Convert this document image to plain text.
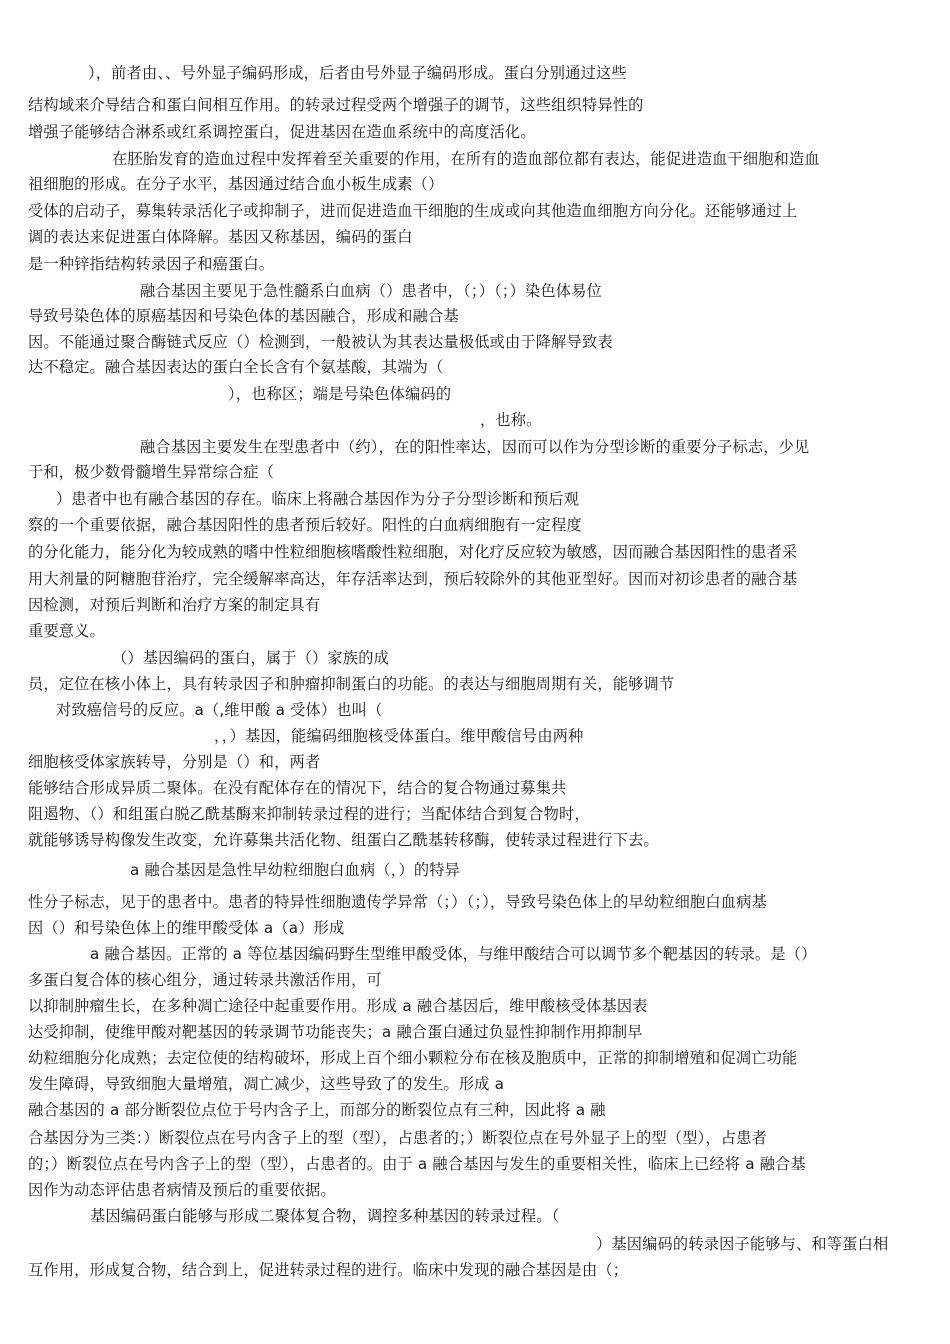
），前者由、、号外显子编码形成，后者由号外显子编码形成。蛋白分别通过这些
结构域来介导结合和蛋白间相互作用。的转录过程受两个增强子的调节，这些组织特异性的
增强子能够结合淋系或红系调控蛋白，促进基因在造血系统中的高度活化。
在胚胎发育的造血过程中发挥着至关重要的作用，在所有的造血部位都有表达，能促进造血干细胞和造血
祖细胞的形成。在分子水平，基因通过结合血小板生成素（）
受体的启动子，募集转录活化子或抑制子，进而促进造血干细胞的生成或向其他造血细胞方向分化。还能够通过上
调的表达来促进蛋白体降解。基因又称基因，编码的蛋白
是一种锌指结构转录因子和癌蛋白。
融合基因主要见于急性髓系白血病（）患者中，（；）（；）染色体易位
导致号染色体的原癌基因和号染色体的基因融合，形成和融合基
因。不能通过聚合酶链式反应（）检测到，一般被认为其表达量极低或由于降解导致表
达不稳定。融合基因表达的蛋白全长含有个氨基酸，其端为（
），也称区；端是号染色体编码的
，也称。
融合基因主要发生在型患者中（约），在的阳性率达，因而可以作为分型诊断的重要分子标志，少见
于和，极少数骨髓增生异常综合症（
）患者中也有融合基因的存在。临床上将融合基因作为分子分型诊断和预后观
察的一个重要依据，融合基因阳性的患者预后较好。阳性的白血病细胞有一定程度
的分化能力，能分化为较成熟的嗜中性粒细胞核嗜酸性粒细胞，对化疗反应较为敏感，因而融合基因阳性的患者采
用大剂量的阿糖胞苷治疗，完全缓解率高达，年存活率达到，预后较除外的其他亚型好。因而对初诊患者的融合基
因检测，对预后判断和治疗方案的制定具有
重要意义。
（）基因编码的蛋白，属于（）家族的成
员，定位在核小体上，具有转录因子和肿瘤抑制蛋白的功能。的表达与细胞周期有关，能够调节
对致癌信号的反应。a（,维甲酸 a 受体）也叫（
，，）基因，能编码细胞核受体蛋白。维甲酸信号由两种
细胞核受体家族转导，分别是（）和，两者
能够结合形成异质二聚体。在没有配体存在的情况下，结合的复合物通过募集共
阻遏物、（）和组蛋白脱乙酰基酶来抑制转录过程的进行；当配体结合到复合物时，
就能够诱导构像发生改变，允许募集共活化物、组蛋白乙酰基转移酶，使转录过程进行下去。
a 融合基因是急性早幼粒细胞白血病（，）的特异
性分子标志，见于的患者中。患者的特异性细胞遗传学异常（；）（；），导致号染色体上的早幼粒细胞白血病基
因（）和号染色体上的维甲酸受体 a（a）形成
a 融合基因。正常的 a 等位基因编码野生型维甲酸受体，与维甲酸结合可以调节多个靶基因的转录。是（）
多蛋白复合体的核心组分，通过转录共激活作用，可
以抑制肿瘤生长，在多种凋亡途径中起重要作用。形成 a 融合基因后，维甲酸核受体基因表
达受抑制，使维甲酸对靶基因的转录调节功能丧失；a 融合蛋白通过负显性抑制作用抑制早
幼粒细胞分化成熟；去定位使的结构破坏，形成上百个细小颗粒分布在核及胞质中，正常的抑制增殖和促凋亡功能
发生障碍，导致细胞大量增殖，凋亡减少，这些导致了的发生。形成 a
融合基因的 a 部分断裂位点位于号内含子上，而部分的断裂位点有三种，因此将 a 融
合基因分为三类：）断裂位点在号内含子上的型（型），占患者的；）断裂位点在号外显子上的型（型），占患者
的；）断裂位点在号内含子上的型（型），占患者的。由于 a 融合基因与发生的重要相关性，临床上已经将 a 融合基
因作为动态评估患者病情及预后的重要依据。
基因编码蛋白能够与形成二聚体复合物，调控多种基因的转录过程。（
）基因编码的转录因子能够与、和等蛋白相
互作用，形成复合物，结合到上，促进转录过程的进行。临床中发现的融合基因是由（；
